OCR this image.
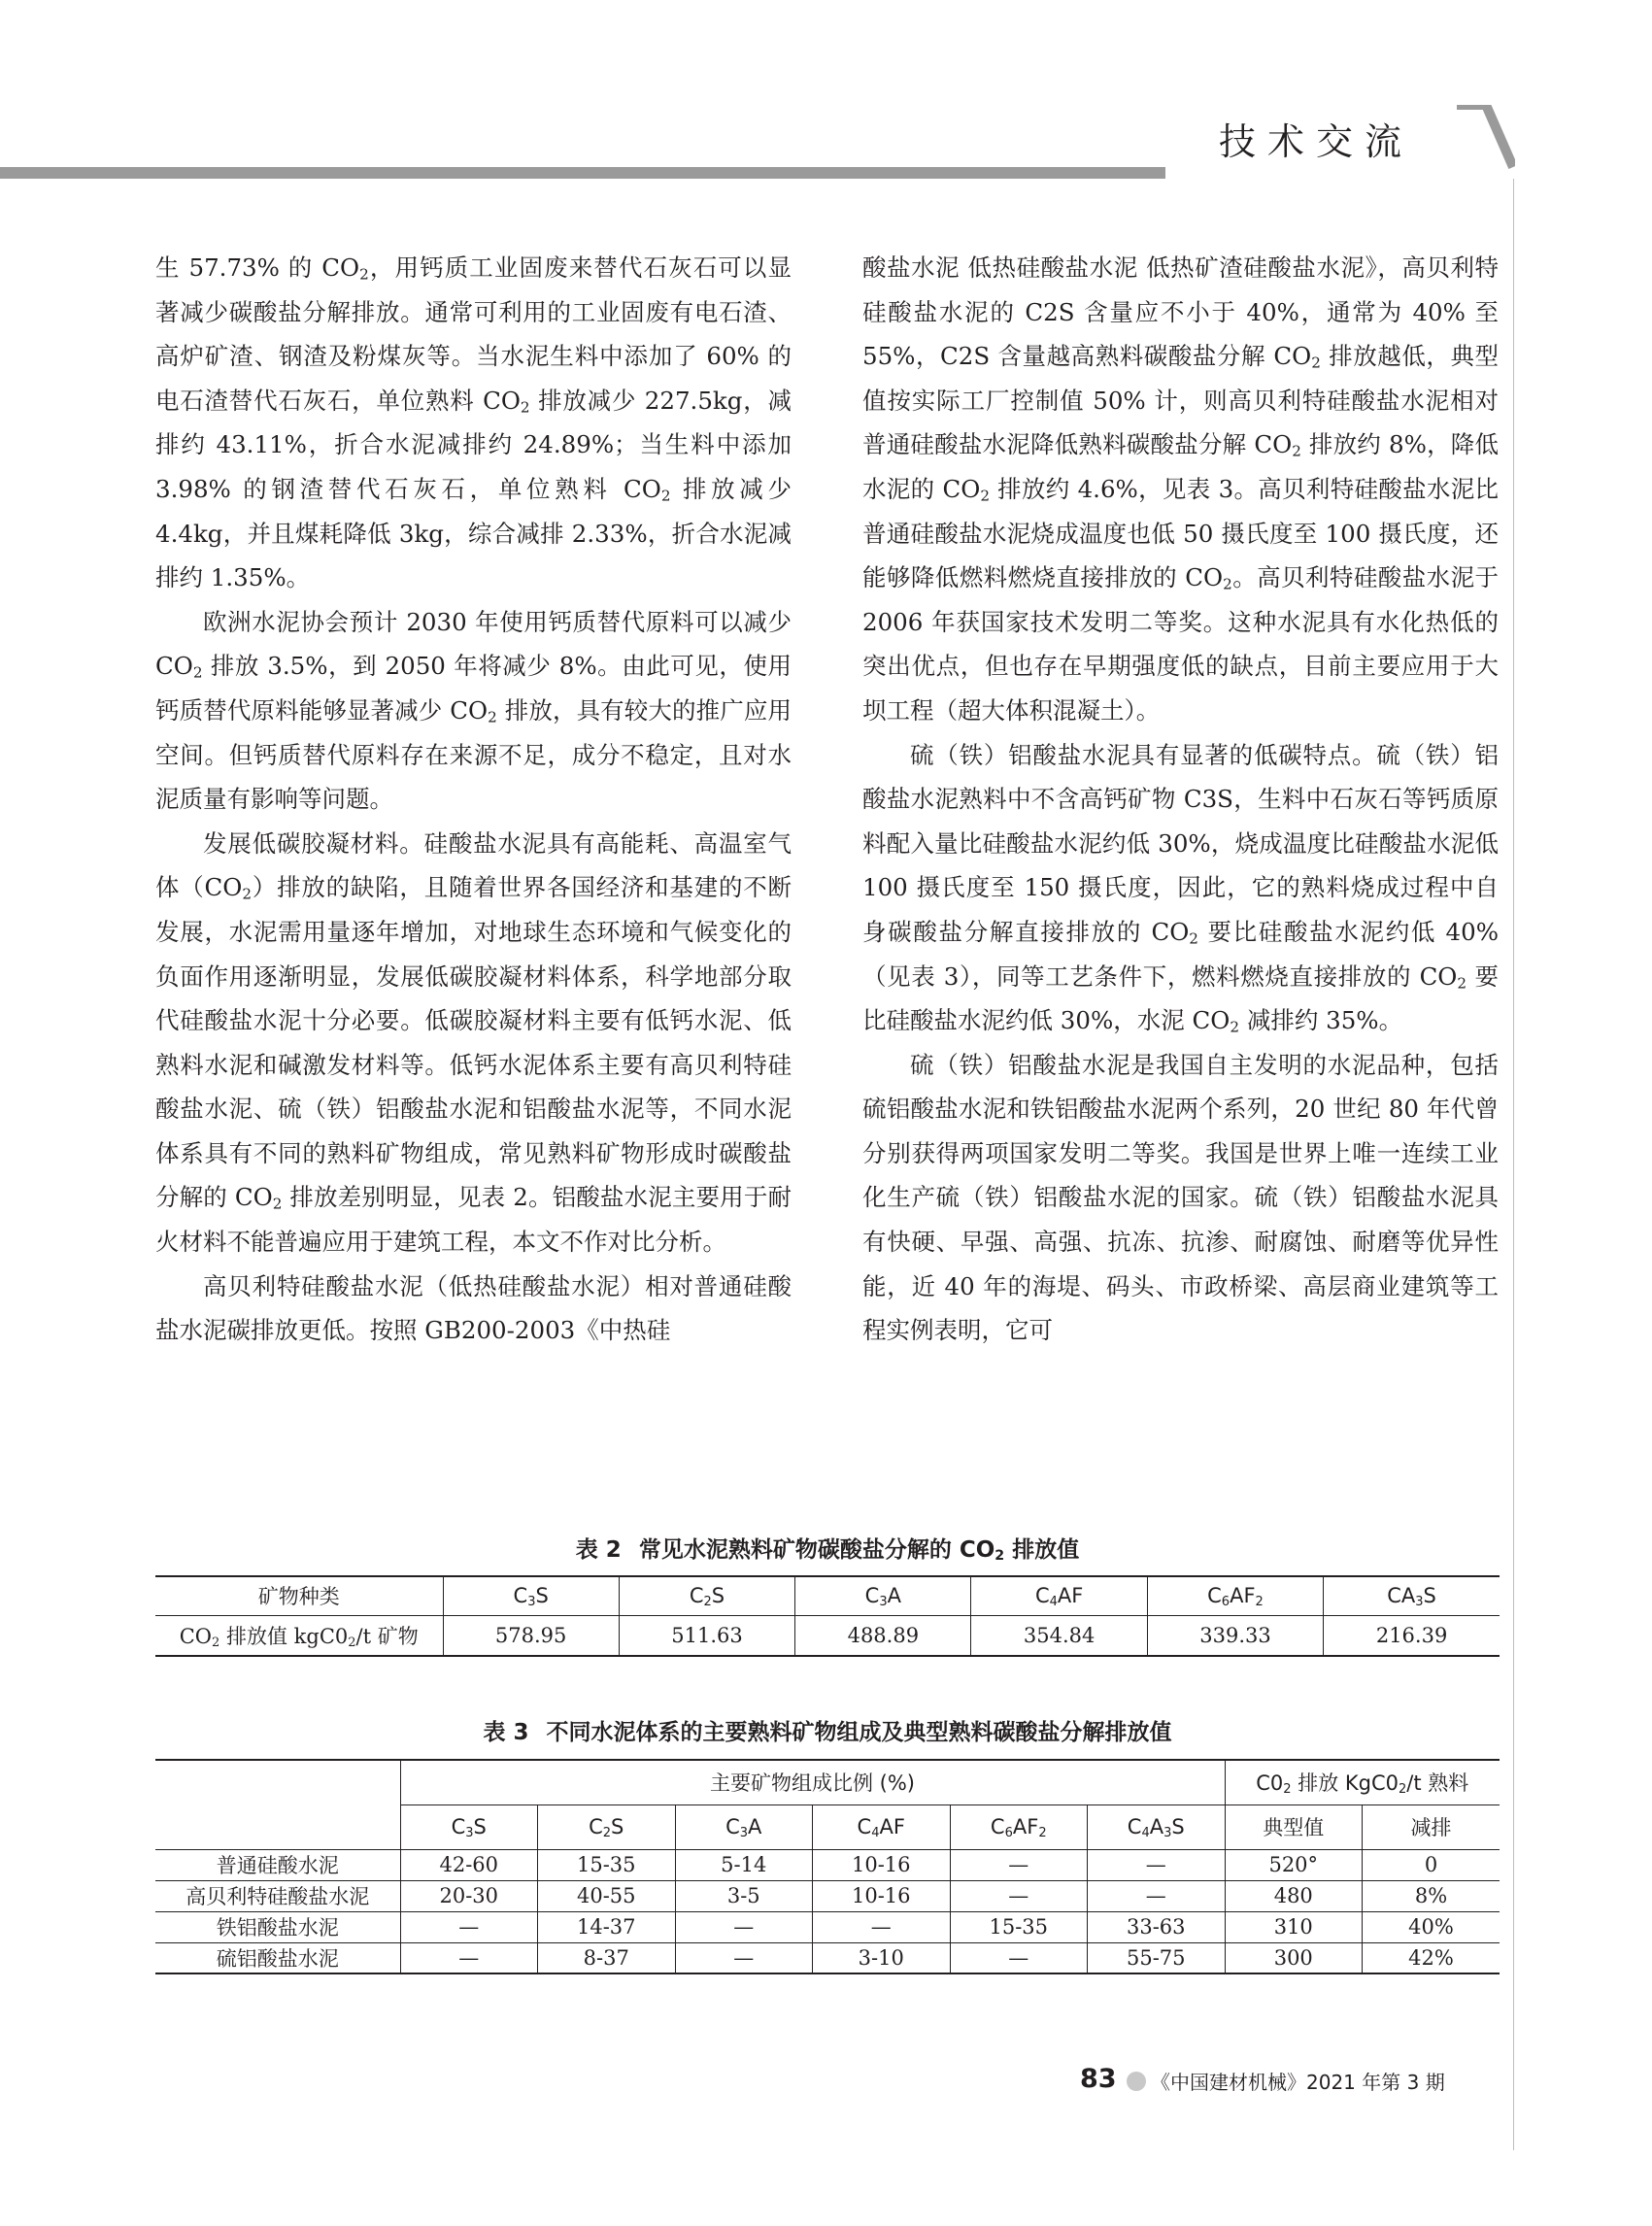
技术交流

生 57.73% 的 $CO_2$，用钙质工业固废来替代石灰石可以显著减少碳酸盐分解排放。通常可利用的工业固废有电石渣、高炉矿渣、钢渣及粉煤灰等。当水泥生料中添加了 60% 的电石渣替代石灰石，单位熟料 $CO_2$ 排放减少 227.5kg，减排约 43.11%，折合水泥减排约 24.89%；当生料中添加 3.98% 的钢渣替代石灰石，单位熟料 $CO_2$ 排放减少 4.4kg，并且煤耗降低 3kg，综合减排 2.33%，折合水泥减排约 1.35%。

欧洲水泥协会预计 2030 年使用钙质替代原料可以减少 $CO_2$ 排放 3.5%，到 2050 年将减少 8%。由此可见，使用钙质替代原料能够显著减少 $CO_2$ 排放，具有较大的推广应用空间。但钙质替代原料存在来源不足，成分不稳定，且对水泥质量有影响等问题。

发展低碳胶凝材料。硅酸盐水泥具有高能耗、高温室气体$(CO_2)$排放的缺陷，且随着世界各国经济和基建的不断发展，水泥需用量逐年增加，对地球生态环境和气候变化的负面作用逐渐明显，发展低碳胶凝材料体系，科学地部分取代硅酸盐水泥十分必要。低碳胶凝材料主要有低钙水泥、低熟料水泥和碱激发材料等。低钙水泥体系主要有高贝利特硅酸盐水泥、硫（铁）铝酸盐水泥和铝酸盐水泥等，不同水泥体系具有不同的熟料矿物组成，常见熟料矿物形成时碳酸盐分解的 $CO_2$ 排放差别明显，见表 2。铝酸盐水泥主要用于耐火材料不能普遍应用于建筑工程，本文不作对比分析。

高贝利特硅酸盐水泥（低热硅酸盐水泥）相对普通硅酸盐水泥碳排放更低。按照 GB200-2003《中热硅

酸盐水泥 低热硅酸盐水泥 低热矿渣硅酸盐水泥》，高贝利特硅酸盐水泥的 C2S 含量应不小于 40%，通常为 40% 至 55%，C2S 含量越高熟料碳酸盐分解 $CO_2$ 排放越低，典型值按实际工厂控制值 50% 计，则高贝利特硅酸盐水泥相对普通硅酸盐水泥降低熟料碳酸盐分解 $CO_2$ 排放约 8%，降低水泥的 $CO_2$ 排放约 4.6%，见表 3。高贝利特硅酸盐水泥比普通硅酸盐水泥烧成温度也低 50 摄氏度至 100 摄氏度，还能够降低燃料燃烧直接排放的 $CO_2$。高贝利特硅酸盐水泥于 2006 年获国家技术发明二等奖。这种水泥具有水化热低的突出优点，但也存在早期强度低的缺点，目前主要应用于大坝工程（超大体积混凝土）。

硫（铁）铝酸盐水泥具有显著的低碳特点。硫（铁）铝酸盐水泥熟料中不含高钙矿物 C3S，生料中石灰石等钙质原料配入量比硅酸盐水泥约低 30%，烧成温度比硅酸盐水泥低 100 摄氏度至 150 摄氏度，因此，它的熟料烧成过程中自身碳酸盐分解直接排放的 $CO_2$ 要比硅酸盐水泥约低 40%（见表 3），同等工艺条件下，燃料燃烧直接排放的 $CO_2$ 要比硅酸盐水泥约低 30%，水泥 $CO_2$ 减排约 35%。

硫（铁）铝酸盐水泥是我国自主发明的水泥品种，包括硫铝酸盐水泥和铁铝酸盐水泥两个系列，20 世纪 80 年代曾分别获得两项国家发明二等奖。我国是世界上唯一连续工业化生产硫（铁）铝酸盐水泥的国家。硫（铁）铝酸盐水泥具有快硬、早强、高强、抗冻、抗渗、耐腐蚀、耐磨等优异性能，近 40 年的海堤、码头、市政桥梁、高层商业建筑等工程实例表明，它可

表 2 常见水泥熟料矿物碳酸盐分解的 $CO_2$ 排放值
矿物种类	$C_3S$	$C_2S$	$C_3A$	$C_4AF$	$C_6AF_2$	$CA_3S$
$CO_2$ 排放值 $kgC0_2/t$ 矿物	578.95	511.63	488.89	354.84	339.33	216.39
表 3 不同水泥体系的主要熟料矿物组成及典型熟料碳酸盐分解排放值
	主要矿物组成比例 (%)						$C0_2$ 排放 $KgC0_2/t$ 熟料	
	$C_3S$	$C_2S$	$C_3A$	$C_4AF$	$C_6AF_2$	$C_4A_3S$	典型值	减排
普通硅酸水泥	42-60	15-35	5-14	10-16	—	—	520°	0
高贝利特硅酸盐水泥	20-30	40-55	3-5	10-16	—	—	480	8%
铁铝酸盐水泥	—	14-37	—	—	15-35	33-63	310	40%
硫铝酸盐水泥	—	8-37	—	3-10	—	55-75	300	42%
83 《中国建材机械》2021 年第 3 期
